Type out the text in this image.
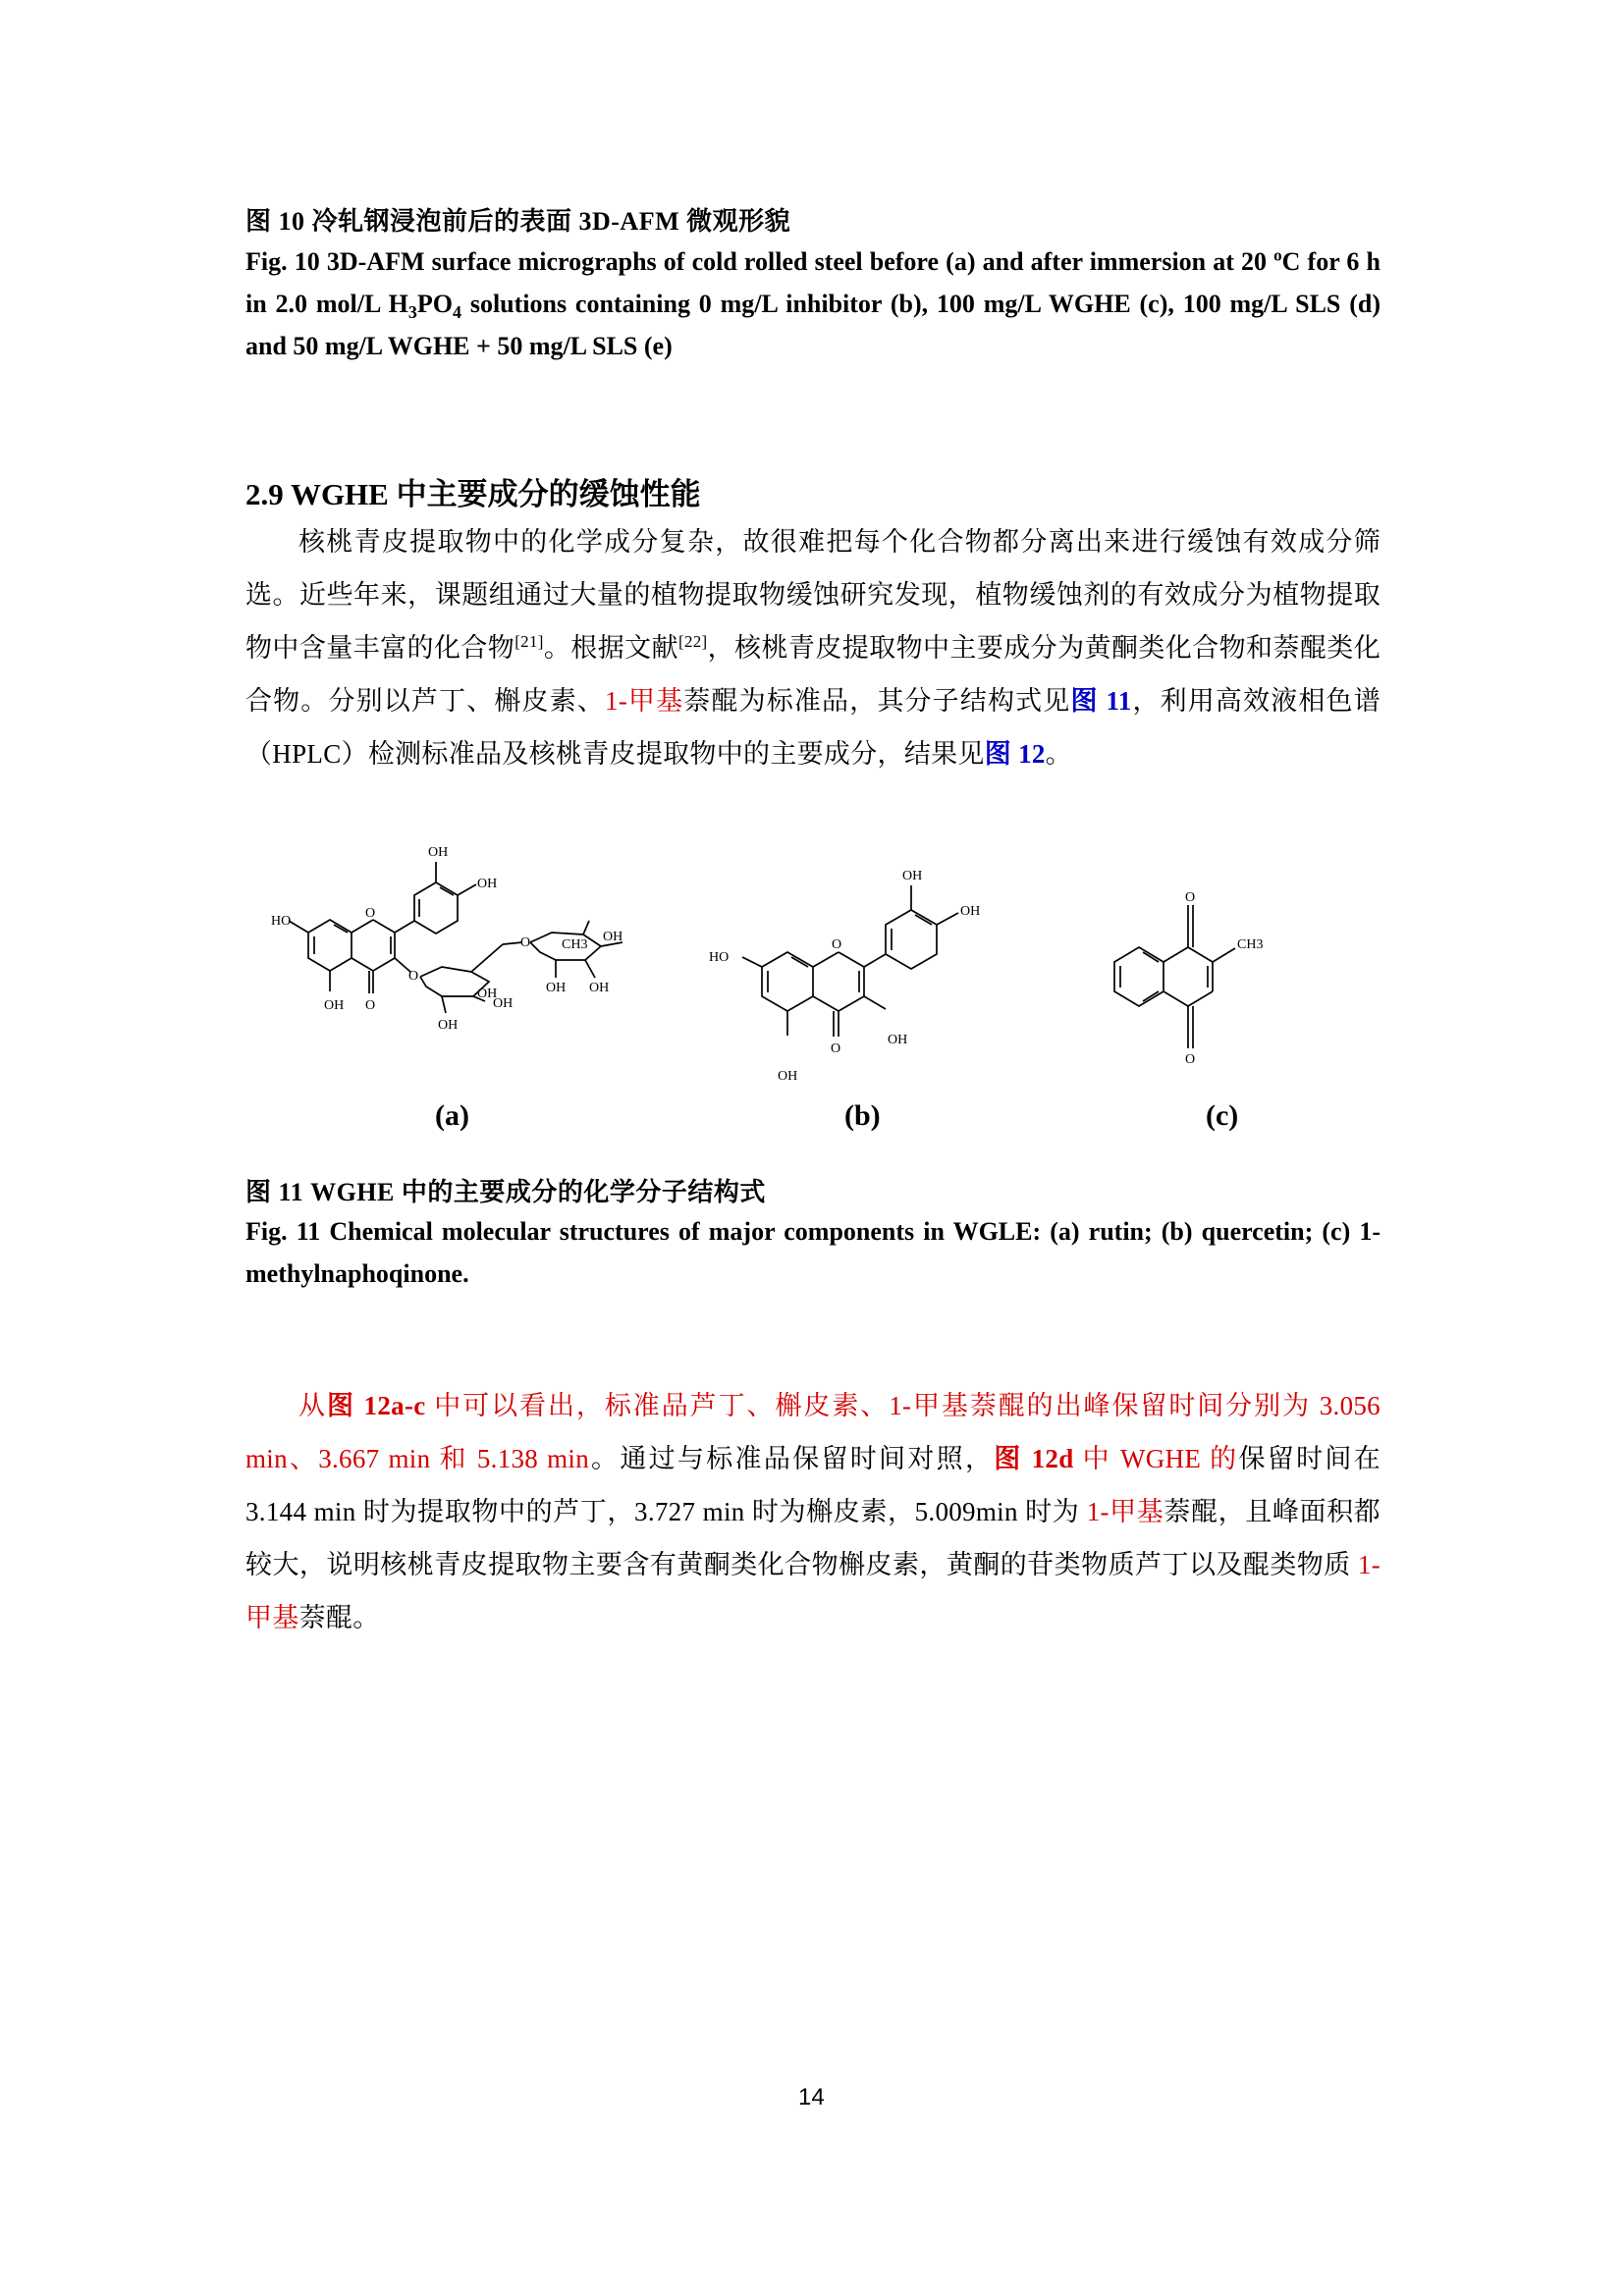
图 10 冷轧钢浸泡前后的表面 3D-AFM 微观形貌
Fig. 10 3D-AFM surface micrographs of cold rolled steel before (a) and after immersion at 20 $^o$C for 6 h in 2.0 mol/L $H_3PO_4$ solutions containing 0 mg/L inhibitor (b), 100 mg/L WGHE (c), 100 mg/L SLS (d) and 50 mg/L WGHE + 50 mg/L SLS (e)
2.9 WGHE 中主要成分的缓蚀性能

核桃青皮提取物中的化学成分复杂，故很难把每个化合物都分离出来进行缓蚀有效成分筛选。近些年来，课题组通过大量的植物提取物缓蚀研究发现，植物缓蚀剂的有效成分为植物提取物中含量丰富的化合物[21]。根据文献[22]，核桃青皮提取物中主要成分为黄酮类化合物和萘醌类化合物。分别以芦丁、槲皮素、1-甲基萘醌为标准品，其分子结构式见图 11，利用高效液相色谱（HPLC）检测标准品及核桃青皮提取物中的主要成分，结果见图 12。

HO
O
OH
OH
OH O
O
OH
OH
OH
O CH3
OH
OH OH
(a)
HO
O
OH
OH
OH
O
OH
(b)
O
O
CH3
(c)
图 11 WGHE 中的主要成分的化学分子结构式
Fig. 11 Chemical molecular structures of major components in WGLE: (a) rutin; (b) quercetin; (c) 1-methylnaphoqinone.

从图 12a-c 中可以看出，标准品芦丁、槲皮素、1-甲基萘醌的出峰保留时间分别为 3.056 min、3.667 min 和 5.138 min。通过与标准品保留时间对照，图 12d 中 WGHE 的保留时间在 3.144 min 时为提取物中的芦丁，3.727 min 时为槲皮素，5.009min 时为 1-甲基萘醌，且峰面积都较大，说明核桃青皮提取物主要含有黄酮类化合物槲皮素，黄酮的苷类物质芦丁以及醌类物质 1-甲基萘醌。

14
